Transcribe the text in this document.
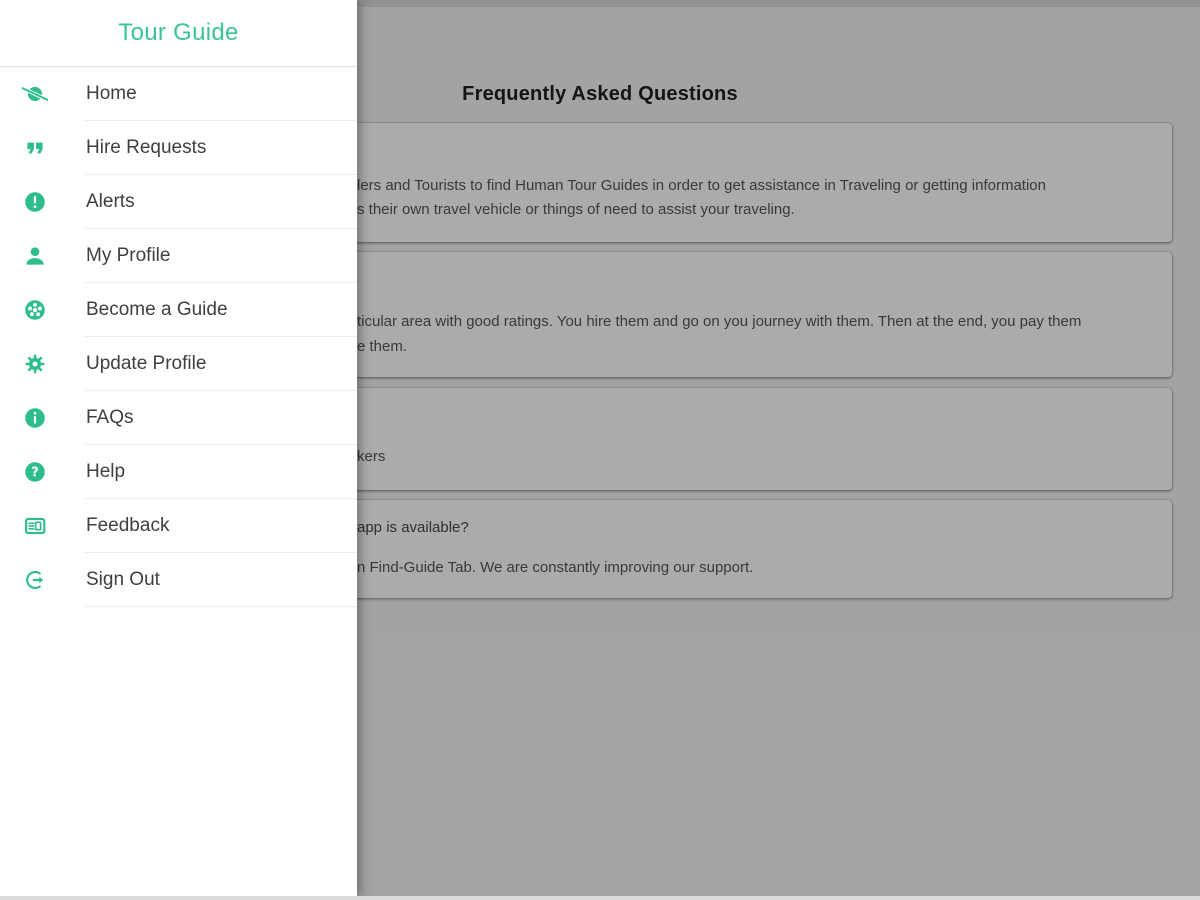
Frequently Asked Questions
lers and Tourists to find Human Tour Guides in order to get assistance in Traveling or getting information
s their own travel vehicle or things of need to assist your traveling.
ticular area with good ratings. You hire them and go on you journey with them. Then at the end, you pay them
e them.
kers
app is available?
n Find-Guide Tab. We are constantly improving our support.
Tour Guide
Home
Hire Requests
Alerts
My Profile
Become a Guide
Update Profile
FAQs
? Help
Feedback
Sign Out
